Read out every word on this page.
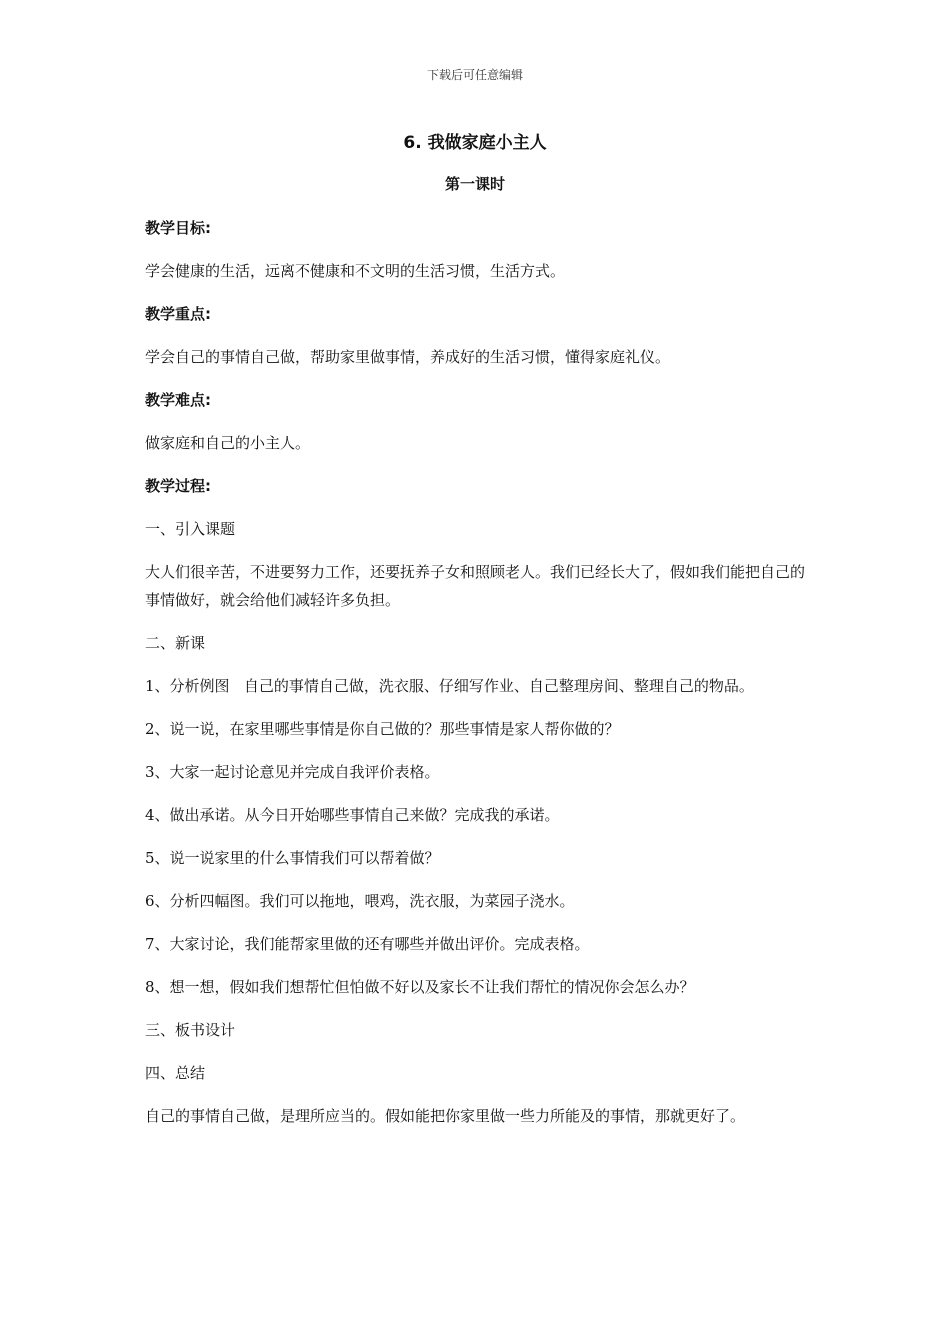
下载后可任意编辑
6. 我做家庭小主人
第一课时

教学目标:

学会健康的生活，远离不健康和不文明的生活习惯，生活方式。

教学重点:

学会自己的事情自己做，帮助家里做事情，养成好的生活习惯，懂得家庭礼仪。

教学难点:

做家庭和自己的小主人。

教学过程:

一、引入课题

大人们很辛苦，不进要努力工作，还要抚养子女和照顾老人。我们已经长大了，假如我们能把自己的事情做好，就会给他们减轻许多负担。

二、新课

1、分析例图   自己的事情自己做，洗衣服、仔细写作业、自己整理房间、整理自己的物品。

2、说一说，在家里哪些事情是你自己做的？那些事情是家人帮你做的？

3、大家一起讨论意见并完成自我评价表格。

4、做出承诺。从今日开始哪些事情自己来做？完成我的承诺。

5、说一说家里的什么事情我们可以帮着做？

6、分析四幅图。我们可以拖地，喂鸡，洗衣服，为菜园子浇水。

7、大家讨论，我们能帮家里做的还有哪些并做出评价。完成表格。

8、想一想，假如我们想帮忙但怕做不好以及家长不让我们帮忙的情况你会怎么办？

三、板书设计

四、总结

自己的事情自己做，是理所应当的。假如能把你家里做一些力所能及的事情，那就更好了。
